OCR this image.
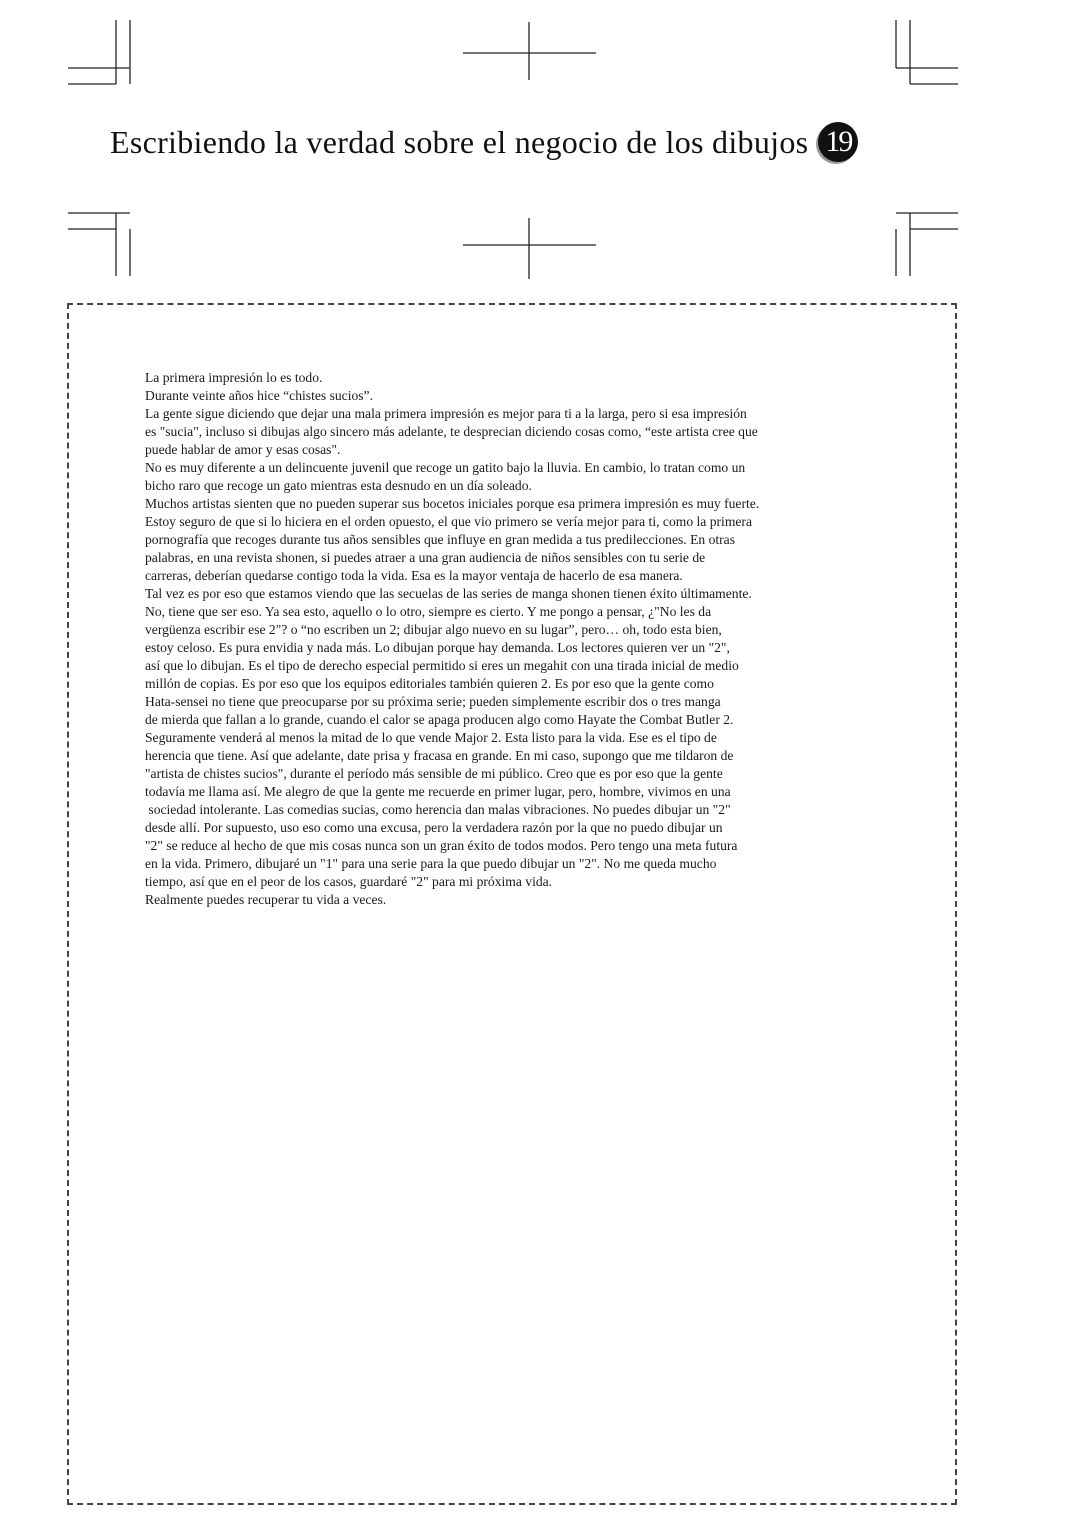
Escribiendo la verdad sobre el negocio de los dibujos 19

La primera impresión lo es todo.

Durante veinte años hice “chistes sucios”.

La gente sigue diciendo que dejar una mala primera impresión es mejor para ti a la larga, pero si esa impresión

es "sucia", incluso si dibujas algo sincero más adelante, te desprecian diciendo cosas como, “este artista cree que

puede hablar de amor y esas cosas".

No es muy diferente a un delincuente juvenil que recoge un gatito bajo la lluvia. En cambio, lo tratan como un

bicho raro que recoge un gato mientras esta desnudo en un día soleado.

Muchos artistas sienten que no pueden superar sus bocetos iniciales porque esa primera impresión es muy fuerte.

Estoy seguro de que si lo hiciera en el orden opuesto, el que vio primero se vería mejor para ti, como la primera

pornografía que recoges durante tus años sensibles que influye en gran medida a tus predilecciones. En otras

palabras, en una revista shonen, si puedes atraer a una gran audiencia de niños sensibles con tu serie de

carreras, deberían quedarse contigo toda la vida. Esa es la mayor ventaja de hacerlo de esa manera.

Tal vez es por eso que estamos viendo que las secuelas de las series de manga shonen tienen éxito últimamente.

No, tiene que ser eso. Ya sea esto, aquello o lo otro, siempre es cierto. Y me pongo a pensar, ¿"No les da

vergüenza escribir ese 2"? o “no escriben un 2; dibujar algo nuevo en su lugar”, pero… oh, todo esta bien,

estoy celoso. Es pura envidia y nada más. Lo dibujan porque hay demanda. Los lectores quieren ver un "2",

así que lo dibujan. Es el tipo de derecho especial permitido si eres un megahit con una tirada inicial de medio

millón de copias. Es por eso que los equipos editoriales también quieren 2. Es por eso que la gente como

Hata-sensei no tiene que preocuparse por su próxima serie; pueden simplemente escribir dos o tres manga

de mierda que fallan a lo grande, cuando el calor se apaga producen algo como Hayate the Combat Butler 2.

Seguramente venderá al menos la mitad de lo que vende Major 2. Esta listo para la vida. Ese es el tipo de

herencia que tiene. Así que adelante, date prisa y fracasa en grande. En mi caso, supongo que me tildaron de

"artista de chistes sucios", durante el período más sensible de mi público. Creo que es por eso que la gente

todavía me llama así. Me alegro de que la gente me recuerde en primer lugar, pero, hombre, vivimos en una

sociedad intolerante. Las comedias sucias, como herencia dan malas vibraciones. No puedes dibujar un "2"

desde allí. Por supuesto, uso eso como una excusa, pero la verdadera razón por la que no puedo dibujar un

"2" se reduce al hecho de que mis cosas nunca son un gran éxito de todos modos. Pero tengo una meta futura

en la vida. Primero, dibujaré un "1" para una serie para la que puedo dibujar un "2". No me queda mucho

tiempo, así que en el peor de los casos, guardaré "2" para mi próxima vida.

Realmente puedes recuperar tu vida a veces.
